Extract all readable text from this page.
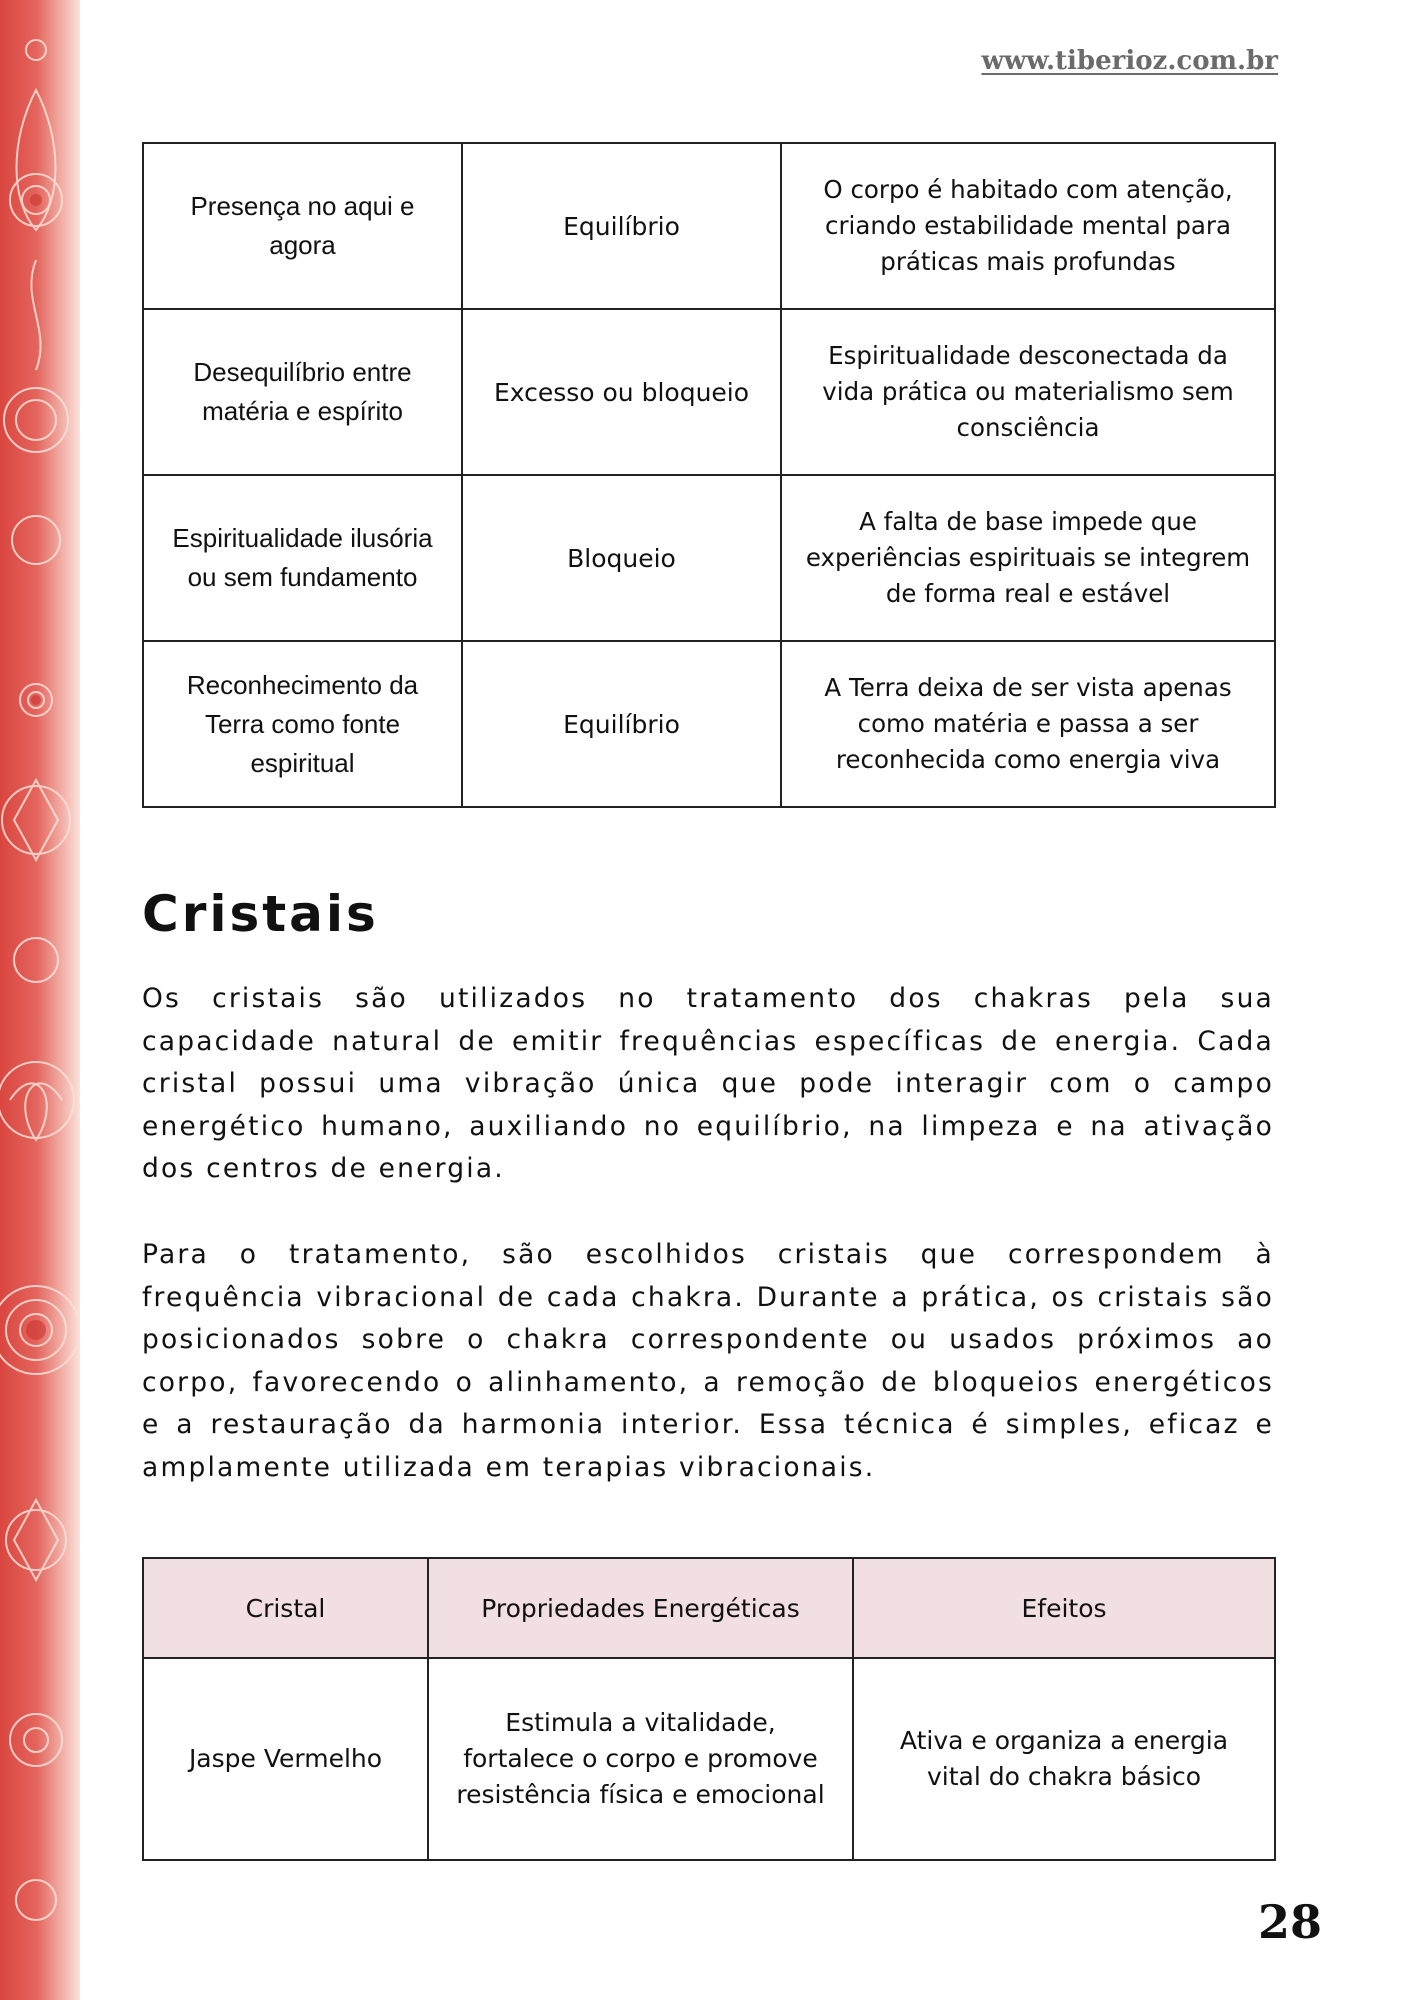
www.tiberioz.com.br
Presença no aqui e agora	Equilíbrio	O corpo é habitado com atenção, criando estabilidade mental para práticas mais profundas
Desequilíbrio entre matéria e espírito	Excesso ou bloqueio	Espiritualidade desconectada da vida prática ou materialismo sem consciência
Espiritualidade ilusória ou sem fundamento	Bloqueio	A falta de base impede que experiências espirituais se integrem de forma real e estável
Reconhecimento da Terra como fonte espiritual	Equilíbrio	A Terra deixa de ser vista apenas como matéria e passa a ser reconhecida como energia viva
Cristais

Os cristais são utilizados no tratamento dos chakras pela sua capacidade natural de emitir frequências específicas de energia. Cada cristal possui uma vibração única que pode interagir com o campo energético humano, auxiliando no equilíbrio, na limpeza e na ativação dos centros de energia.

Para o tratamento, são escolhidos cristais que correspondem à frequência vibracional de cada chakra. Durante a prática, os cristais são posicionados sobre o chakra correspondente ou usados próximos ao corpo, favorecendo o alinhamento, a remoção de bloqueios energéticos e a restauração da harmonia interior. Essa técnica é simples, eficaz e amplamente utilizada em terapias vibracionais.

Cristal	Propriedades Energéticas	Efeitos
Jaspe Vermelho	Estimula a vitalidade, fortalece o corpo e promove resistência física e emocional	Ativa e organiza a energia vital do chakra básico
28
